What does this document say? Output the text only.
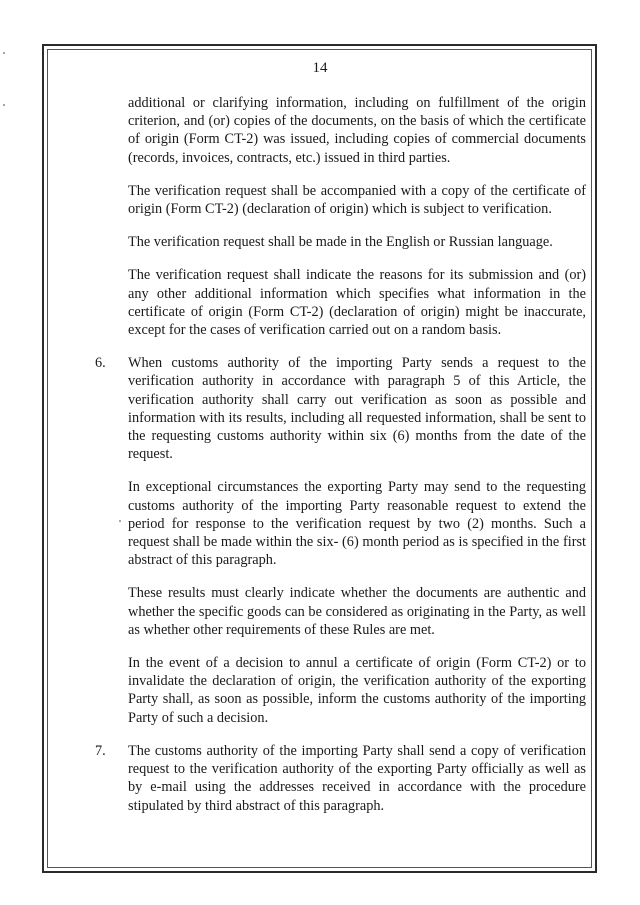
14

additional or clarifying information, including on fulfillment of the origin criterion, and (or) copies of the documents, on the basis of which the certificate of origin (Form CT-2) was issued, including copies of commercial documents (records, invoices, contracts, etc.) issued in third parties.

The verification request shall be accompanied with a copy of the certificate of origin (Form CT-2) (declaration of origin) which is subject to verification.

The verification request shall be made in the English or Russian language.

The verification request shall indicate the reasons for its submission and (or) any other additional information which specifies what information in the certificate of origin (Form CT-2) (declaration of origin) might be inaccurate, except for the cases of verification carried out on a random basis.

6. When customs authority of the importing Party sends a request to the verification authority in accordance with paragraph 5 of this Article, the verification authority shall carry out verification as soon as possible and information with its results, including all requested information, shall be sent to the requesting customs authority within six (6) months from the date of the request.

In exceptional circumstances the exporting Party may send to the requesting customs authority of the importing Party reasonable request to extend the period for response to the verification request by two (2) months. Such a request shall be made within the six- (6) month period as is specified in the first abstract of this paragraph.

These results must clearly indicate whether the documents are authentic and whether the specific goods can be considered as originating in the Party, as well as whether other requirements of these Rules are met.

In the event of a decision to annul a certificate of origin (Form CT-2) or to invalidate the declaration of origin, the verification authority of the exporting Party shall, as soon as possible, inform the customs authority of the importing Party of such a decision.

7. The customs authority of the importing Party shall send a copy of verification request to the verification authority of the exporting Party officially as well as by e-mail using the addresses received in accordance with the procedure stipulated by third abstract of this paragraph.
